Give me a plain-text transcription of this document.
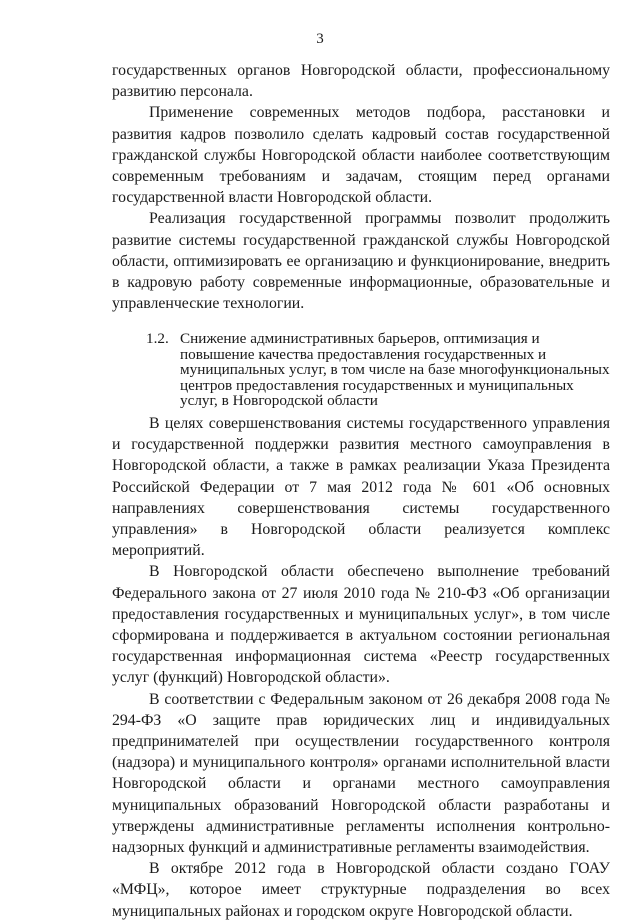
3

государственных органов Новгородской области, профессиональному развитию персонала.

Применение современных методов подбора, расстановки и развития кадров позволило сделать кадровый состав государственной гражданской службы Новгородской области наиболее соответствующим современным требованиям и задачам, стоящим перед органами государственной власти Новгородской области.

Реализация государственной программы позволит продолжить развитие системы государственной гражданской службы Новгородской области, оптимизировать ее организацию и функционирование, внедрить в кадровую работу современные информационные, образовательные и управленческие технологии.

1.2. Снижение административных барьеров, оптимизация и повышение качества предоставления государственных и муниципальных услуг, в том числе на базе многофункциональных центров предоставления государственных и муниципальных услуг, в Новгородской области

В целях совершенствования системы государственного управления и государственной поддержки развития местного самоуправления в Новгородской области, а также в рамках реализации Указа Президента Российской Федерации от 7 мая 2012 года № 601 «Об основных направлениях совершенствования системы государственного управления» в Новгородской области реализуется комплекс мероприятий.

В Новгородской области обеспечено выполнение требований Федерального закона от 27 июля 2010 года № 210-ФЗ «Об организации предоставления государственных и муниципальных услуг», в том числе сформирована и поддерживается в актуальном состоянии региональная государственная информационная система «Реестр государственных услуг (функций) Новгородской области».

В соответствии с Федеральным законом от 26 декабря 2008 года № 294-ФЗ «О защите прав юридических лиц и индивидуальных предпринимателей при осуществлении государственного контроля (надзора) и муниципального контроля» органами исполнительной власти Новгородской области и органами местного самоуправления муниципальных образований Новгородской области разработаны и утверждены административные регламенты исполнения контрольно-надзорных функций и административные регламенты взаимодействия.

В октябре 2012 года в Новгородской области создано ГОАУ «МФЦ», которое имеет структурные подразделения во всех муниципальных районах и городском округе Новгородской области.
